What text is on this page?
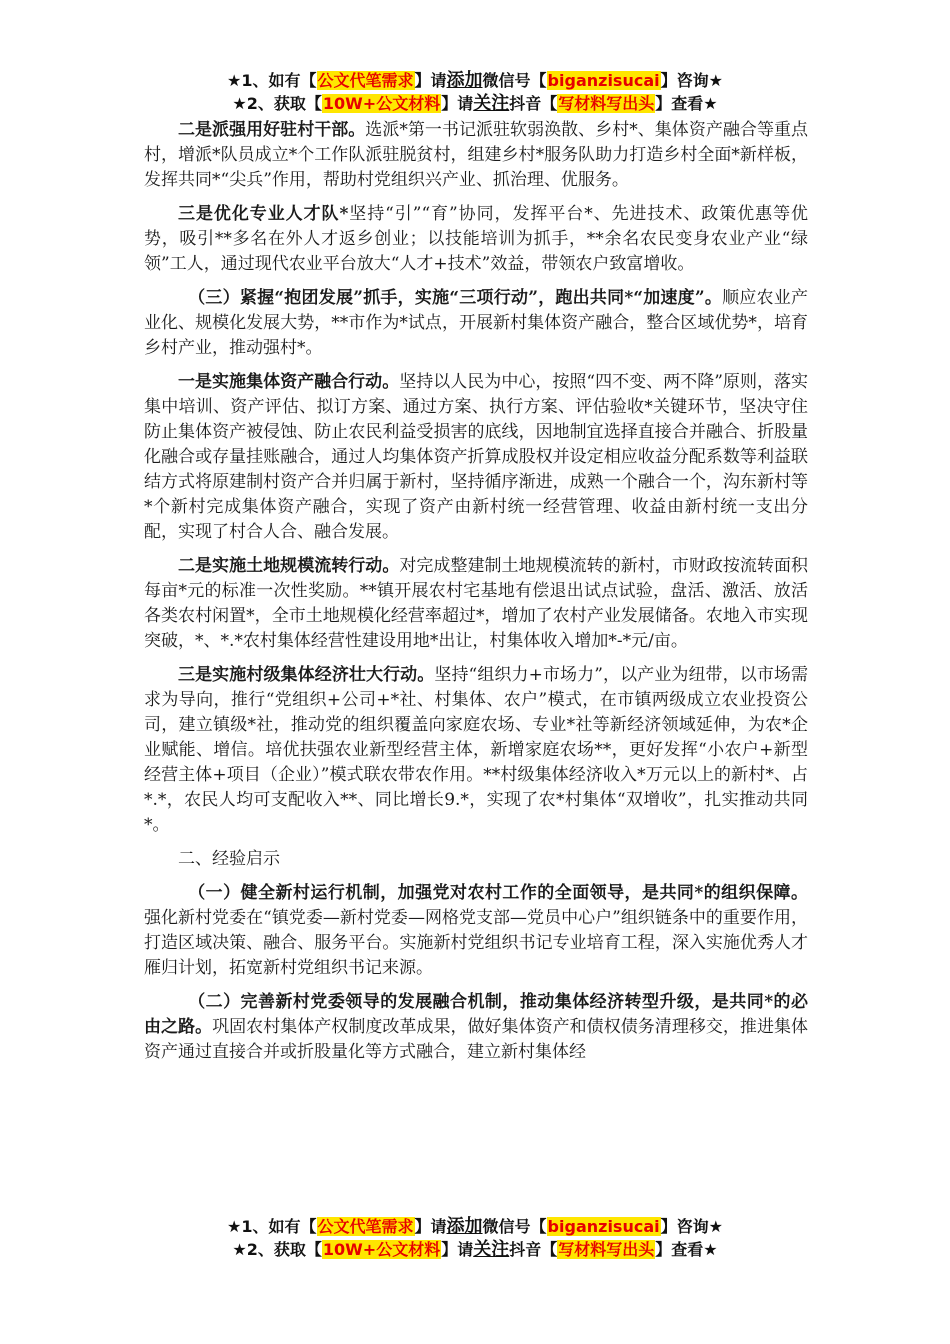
★1、如有【公文代笔需求】请添加微信号【biganzisucai】咨询★
★2、获取【10W+公文材料】请关注抖音【写材料写出头】查看★

二是派强用好驻村干部。选派*第一书记派驻软弱涣散、乡村*、集体资产融合等重点村，增派*队员成立*个工作队派驻脱贫村，组建乡村*服务队助力打造乡村全面*新样板，发挥共同*“尖兵”作用，帮助村党组织兴产业、抓治理、优服务。

三是优化专业人才队*坚持“引”“育”协同，发挥平台*、先进技术、政策优惠等优势，吸引**多名在外人才返乡创业；以技能培训为抓手，**余名农民变身农业产业“绿领”工人，通过现代农业平台放大“人才+技术”效益，带领农户致富增收。

（三）紧握“抱团发展”抓手，实施“三项行动”，跑出共同*“加速度”。顺应农业产业化、规模化发展大势，**市作为*试点，开展新村集体资产融合，整合区域优势*，培育乡村产业，推动强村*。

一是实施集体资产融合行动。坚持以人民为中心，按照“四不变、两不降”原则，落实集中培训、资产评估、拟订方案、通过方案、执行方案、评估验收*关键环节，坚决守住防止集体资产被侵蚀、防止农民利益受损害的底线，因地制宜选择直接合并融合、折股量化融合或存量挂账融合，通过人均集体资产折算成股权并设定相应收益分配系数等利益联结方式将原建制村资产合并归属于新村，坚持循序渐进，成熟一个融合一个，沟东新村等*个新村完成集体资产融合，实现了资产由新村统一经营管理、收益由新村统一支出分配，实现了村合人合、融合发展。

二是实施土地规模流转行动。对完成整建制土地规模流转的新村，市财政按流转面积每亩*元的标准一次性奖励。**镇开展农村宅基地有偿退出试点试验，盘活、激活、放活各类农村闲置*，全市土地规模化经营率超过*，增加了农村产业发展储备。农地入市实现突破，*、*.*农村集体经营性建设用地*出让，村集体收入增加*-*元/亩。

三是实施村级集体经济壮大行动。坚持“组织力+市场力”，以产业为纽带，以市场需求为导向，推行“党组织+公司+*社、村集体、农户”模式，在市镇两级成立农业投资公司，建立镇级*社，推动党的组织覆盖向家庭农场、专业*社等新经济领域延伸，为农*企业赋能、增信。培优扶强农业新型经营主体，新增家庭农场**，更好发挥“小农户+新型经营主体+项目（企业）”模式联农带农作用。**村级集体经济收入*万元以上的新村*、占*.*，农民人均可支配收入**、同比增长9.*，实现了农*村集体“双增收”，扎实推动共同*。

二、经验启示

（一）健全新村运行机制，加强党对农村工作的全面领导，是共同*的组织保障。强化新村党委在“镇党委—新村党委—网格党支部—党员中心户”组织链条中的重要作用，打造区域决策、融合、服务平台。实施新村党组织书记专业培育工程，深入实施优秀人才雁归计划，拓宽新村党组织书记来源。

（二）完善新村党委领导的发展融合机制，推动集体经济转型升级，是共同*的必由之路。巩固农村集体产权制度改革成果，做好集体资产和债权债务清理移交，推进集体资产通过直接合并或折股量化等方式融合，建立新村集体经

★1、如有【公文代笔需求】请添加微信号【biganzisucai】咨询★
★2、获取【10W+公文材料】请关注抖音【写材料写出头】查看★
